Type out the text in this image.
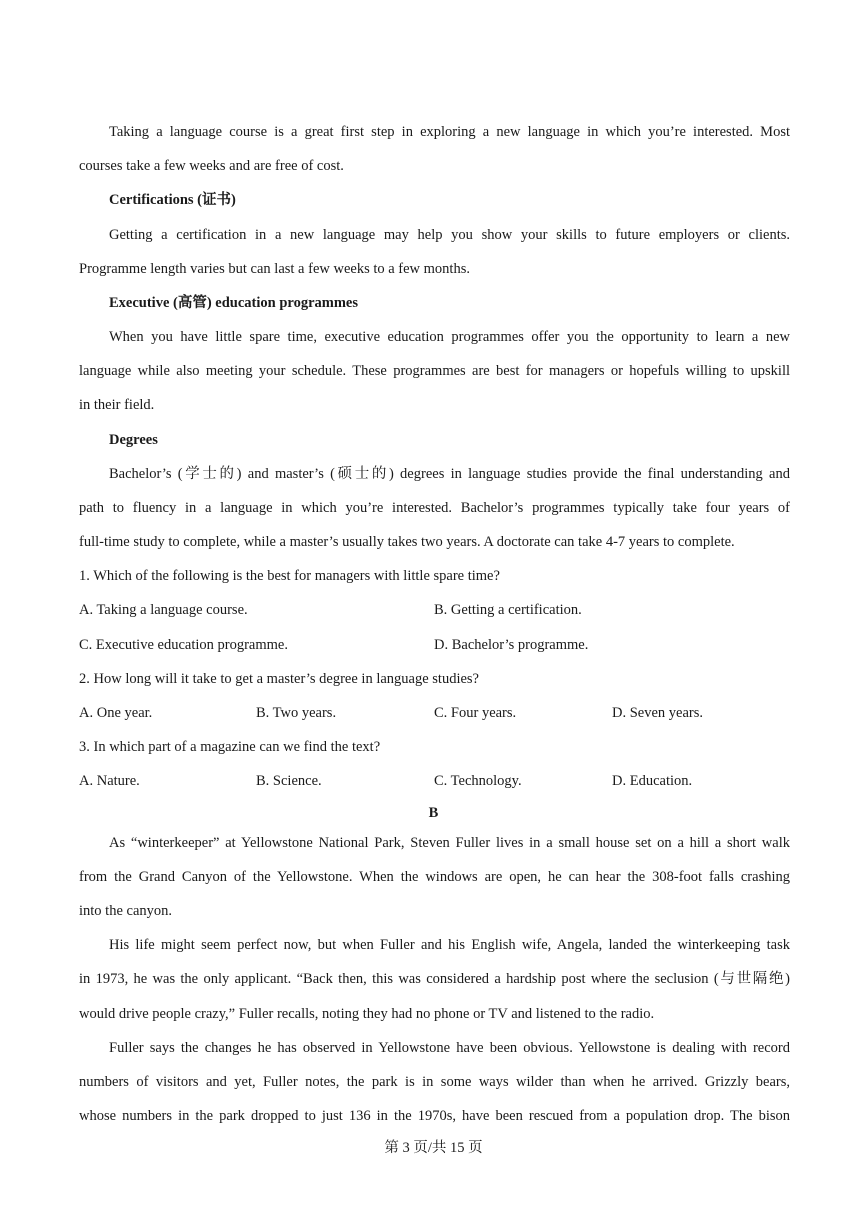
Taking a language course is a great first step in exploring a new language in which you’re interested. Most
courses take a few weeks and are free of cost.
Certifications (证书)
Getting a certification in a new language may help you show your skills to future employers or clients.
Programme length varies but can last a few weeks to a few months.
Executive (高管) education programmes
When you have little spare time, executive education programmes offer you the opportunity to learn a new
language while also meeting your schedule. These programmes are best for managers or hopefuls willing to upskill
in their field.
Degrees
Bachelor’s (学士的) and master’s (硕士的) degrees in language studies provide the final understanding and
path to fluency in a language in which you’re interested. Bachelor’s programmes typically take four years of
full-time study to complete, while a master’s usually takes two years. A doctorate can take 4-7 years to complete.
1. Which of the following is the best for managers with little spare time?
A. Taking a language course.	B. Getting a certification.
C. Executive education programme.	D. Bachelor’s programme.
2. How long will it take to get a master’s degree in language studies?
A. One year.	B. Two years.	C. Four years.	D. Seven years.
3. In which part of a magazine can we find the text?
A. Nature.	B. Science.	C. Technology.	D. Education.
B
As “winterkeeper” at Yellowstone National Park, Steven Fuller lives in a small house set on a hill a short walk
from the Grand Canyon of the Yellowstone. When the windows are open, he can hear the 308-foot falls crashing
into the canyon.
His life might seem perfect now, but when Fuller and his English wife, Angela, landed the winterkeeping task
in 1973, he was the only applicant. “Back then, this was considered a hardship post where the seclusion (与世隔绝)
would drive people crazy,” Fuller recalls, noting they had no phone or TV and listened to the radio.
Fuller says the changes he has observed in Yellowstone have been obvious. Yellowstone is dealing with record
numbers of visitors and yet, Fuller notes, the park is in some ways wilder than when he arrived. Grizzly bears,
whose numbers in the park dropped to just 136 in the 1970s, have been rescued from a population drop. The bison
第 3 页/共 15 页
